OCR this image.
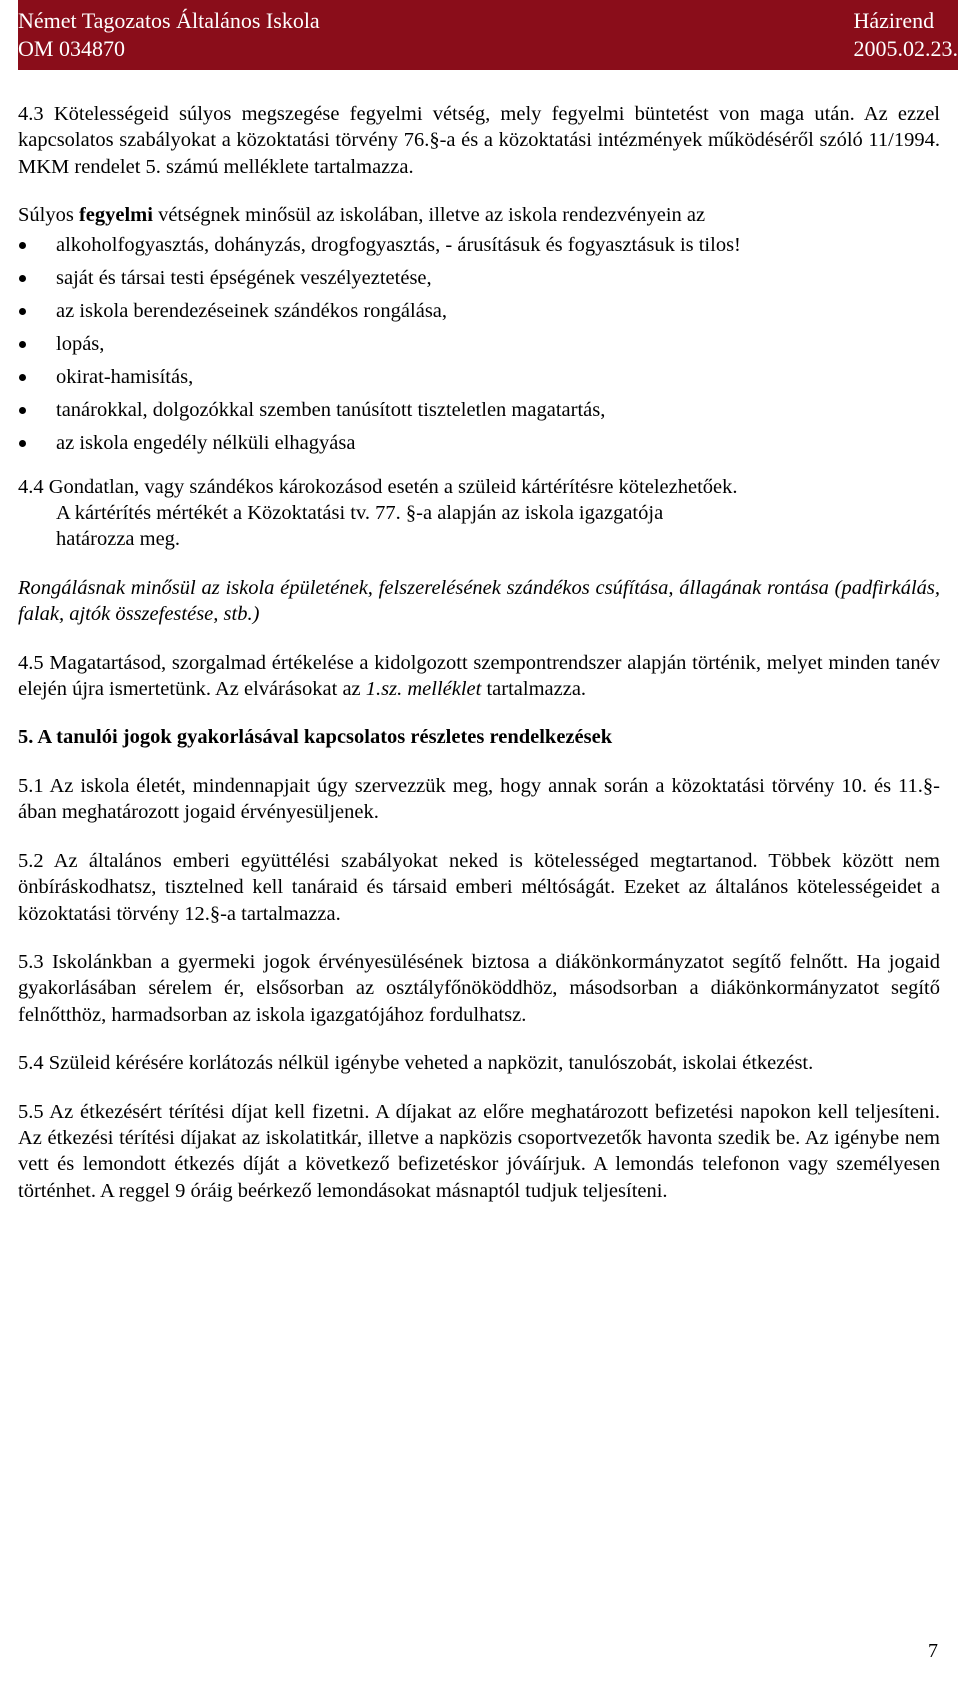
Német Tagozatos Általános Iskola
OM 034870
Házirend
2005.02.23.

4.3 Kötelességeid súlyos megszegése fegyelmi vétség, mely fegyelmi büntetést von maga után. Az ezzel kapcsolatos szabályokat a közoktatási törvény 76.§-a és a közoktatási intézmények működéséről szóló 11/1994. MKM rendelet 5. számú melléklete tartalmazza.

Súlyos fegyelmi vétségnek minősül az iskolában, illetve az iskola rendezvényein az

alkoholfogyasztás, dohányzás, drogfogyasztás, - árusításuk és fogyasztásuk is tilos!
saját és társai testi épségének veszélyeztetése,
az iskola berendezéseinek szándékos rongálása,
lopás,
okirat-hamisítás,
tanárokkal, dolgozókkal szemben tanúsított tiszteletlen magatartás,
az iskola engedély nélküli elhagyása

4.4 Gondatlan, vagy szándékos károkozásod esetén a szüleid kártérítésre kötelezhetőek.

A kártérítés mértékét a Közoktatási tv. 77. §-a alapján az iskola igazgatója

határozza meg.

Rongálásnak minősül az iskola épületének, felszerelésének szándékos csúfítása, állagának rontása (padfirkálás, falak, ajtók összefestése, stb.)

4.5 Magatartásod, szorgalmad értékelése a kidolgozott szempontrendszer alapján történik, melyet minden tanév elején újra ismertetünk. Az elvárásokat az 1.sz. melléklet tartalmazza.

5. A tanulói jogok gyakorlásával kapcsolatos részletes rendelkezések

5.1 Az iskola életét, mindennapjait úgy szervezzük meg, hogy annak során a közoktatási törvény 10. és 11.§-ában meghatározott jogaid érvényesüljenek.

5.2 Az általános emberi együttélési szabályokat neked is kötelességed megtartanod. Többek között nem önbíráskodhatsz, tisztelned kell tanáraid és társaid emberi méltóságát. Ezeket az általános kötelességeidet a közoktatási törvény 12.§-a tartalmazza.

5.3 Iskolánkban a gyermeki jogok érvényesülésének biztosa a diákönkormányzatot segítő felnőtt. Ha jogaid gyakorlásában sérelem ér, elsősorban az osztályfőnököddhöz, másodsorban a diákönkormányzatot segítő felnőtthöz, harmadsorban az iskola igazgatójához fordulhatsz.

5.4 Szüleid kérésére korlátozás nélkül igénybe veheted a napközit, tanulószobát, iskolai étkezést.

5.5 Az étkezésért térítési díjat kell fizetni. A díjakat az előre meghatározott befizetési napokon kell teljesíteni. Az étkezési térítési díjakat az iskolatitkár, illetve a napközis csoportvezetők havonta szedik be. Az igénybe nem vett és lemondott étkezés díját a következő befizetéskor jóváírjuk. A lemondás telefonon vagy személyesen történhet. A reggel 9 óráig beérkező lemondásokat másnaptól tudjuk teljesíteni.

7
